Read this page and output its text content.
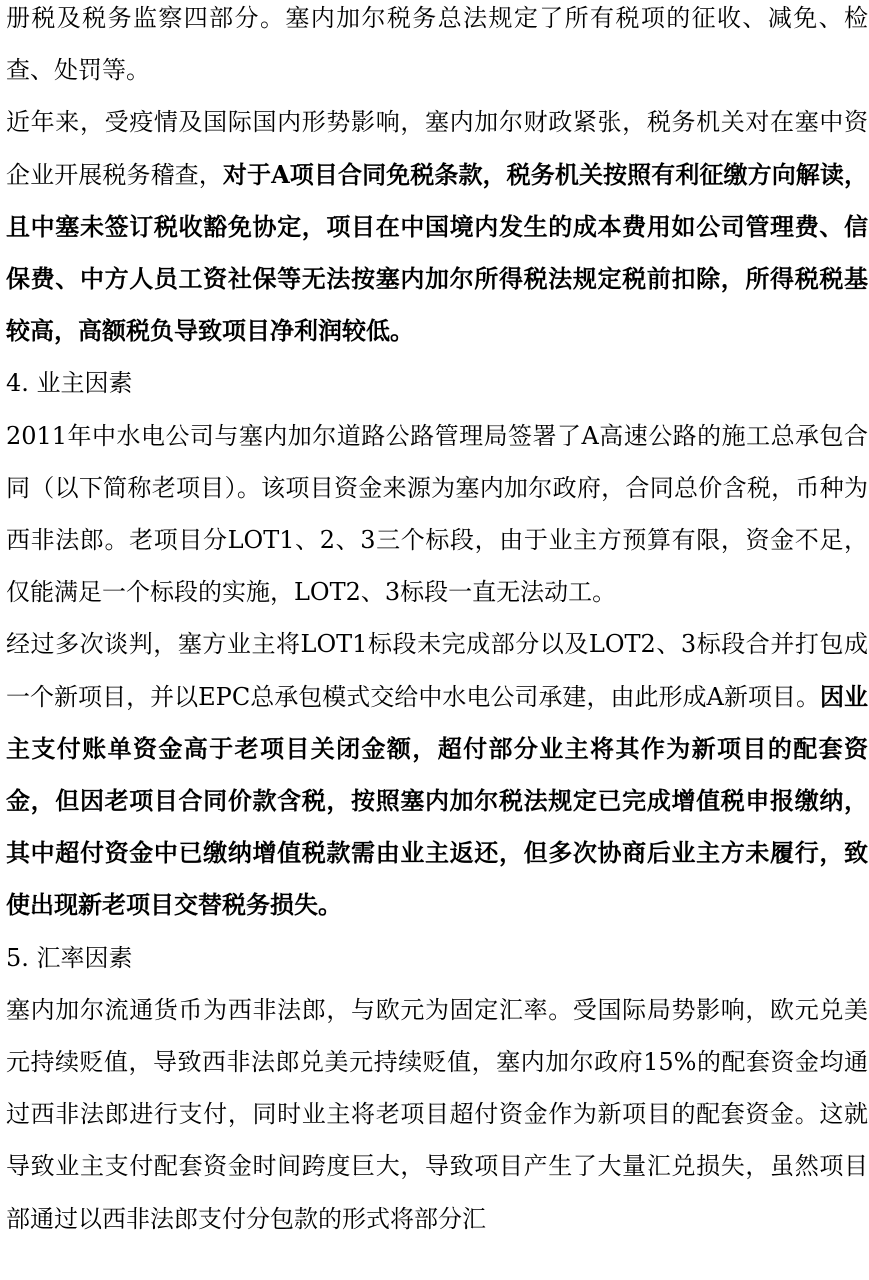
册税及税务监察四部分。塞内加尔税务总法规定了所有税项的征收、减免、检查、处罚等。

近年来，受疫情及国际国内形势影响，塞内加尔财政紧张，税务机关对在塞中资企业开展税务稽查，对于A项目合同免税条款，税务机关按照有利征缴方向解读，且中塞未签订税收豁免协定，项目在中国境内发生的成本费用如公司管理费、信保费、中方人员工资社保等无法按塞内加尔所得税法规定税前扣除，所得税税基较高，高额税负导致项目净利润较低。

4. 业主因素

2011年中水电公司与塞内加尔道路公路管理局签署了A高速公路的施工总承包合同（以下简称老项目）。该项目资金来源为塞内加尔政府，合同总价含税，币种为西非法郎。老项目分LOT1、2、3三个标段，由于业主方预算有限，资金不足，仅能满足一个标段的实施，LOT2、3标段一直无法动工。

经过多次谈判，塞方业主将LOT1标段未完成部分以及LOT2、3标段合并打包成一个新项目，并以EPC总承包模式交给中水电公司承建，由此形成A新项目。因业主支付账单资金高于老项目关闭金额，超付部分业主将其作为新项目的配套资金，但因老项目合同价款含税，按照塞内加尔税法规定已完成增值税申报缴纳，其中超付资金中已缴纳增值税款需由业主返还，但多次协商后业主方未履行，致使出现新老项目交替税务损失。

5. 汇率因素

塞内加尔流通货币为西非法郎，与欧元为固定汇率。受国际局势影响，欧元兑美元持续贬值，导致西非法郎兑美元持续贬值，塞内加尔政府15%的配套资金均通过西非法郎进行支付，同时业主将老项目超付资金作为新项目的配套资金。这就导致业主支付配套资金时间跨度巨大，导致项目产生了大量汇兑损失，虽然项目部通过以西非法郎支付分包款的形式将部分汇
